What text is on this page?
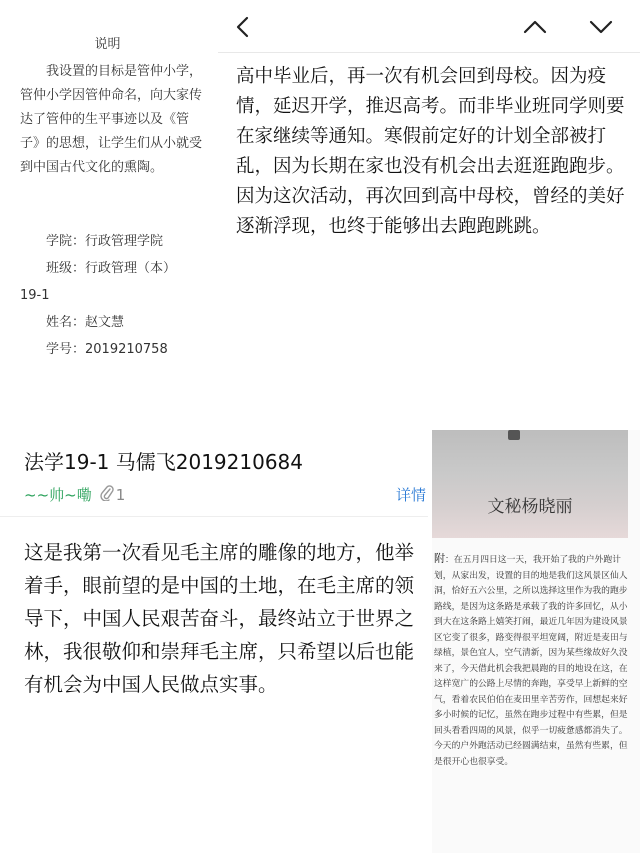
说明
我设置的目标是管仲小学，管仲小学因管仲命名，向大家传达了管仲的生平事迹以及《管子》的思想，让学生们从小就受到中国古代文化的熏陶。
学院：行政管理学院
班级：行政管理（本）
19-1
姓名：赵文慧
学号：2019210758
高中毕业后，再一次有机会回到母校。因为疫情，延迟开学，推迟高考。而非毕业班同学则要在家继续等通知。寒假前定好的计划全部被打乱，因为长期在家也没有机会出去逛逛跑跑步。因为这次活动，再次回到高中母校，曾经的美好逐渐浮现，也终于能够出去跑跑跳跳。
法学19-1 马儒飞2019210684
~~帅~嘞 1	详情
这是我第一次看见毛主席的雕像的地方，他举着手，眼前望的是中国的土地，在毛主席的领导下，中国人民艰苦奋斗，最终站立于世界之林，我很敬仰和崇拜毛主席，只希望以后也能有机会为中国人民做点实事。
文秘杨晓丽
附：在五月四日这一天，我开始了我的户外跑计划，从家出发，设置的目的地是我们这风景区仙人洞，恰好五六公里，之所以选择这里作为我的跑步路线，是因为这条路是承载了我的许多回忆，从小到大在这条路上嬉笑打闹，最近几年因为建设风景区它变了很多，路变得很平坦宽阔，附近是麦田与绿植，景色宜人，空气清新，因为某些缘故好久没来了，今天借此机会我把晨跑的目的地设在这，在这样宽广的公路上尽情的奔跑，享受早上新鲜的空气，看着农民伯伯在麦田里辛苦劳作，回想起来好多小时候的记忆，虽然在跑步过程中有些累，但是回头看看四周的风景，似乎一切疲惫感都消失了。今天的户外跑活动已经圆满结束，虽然有些累，但是很开心也很享受。
